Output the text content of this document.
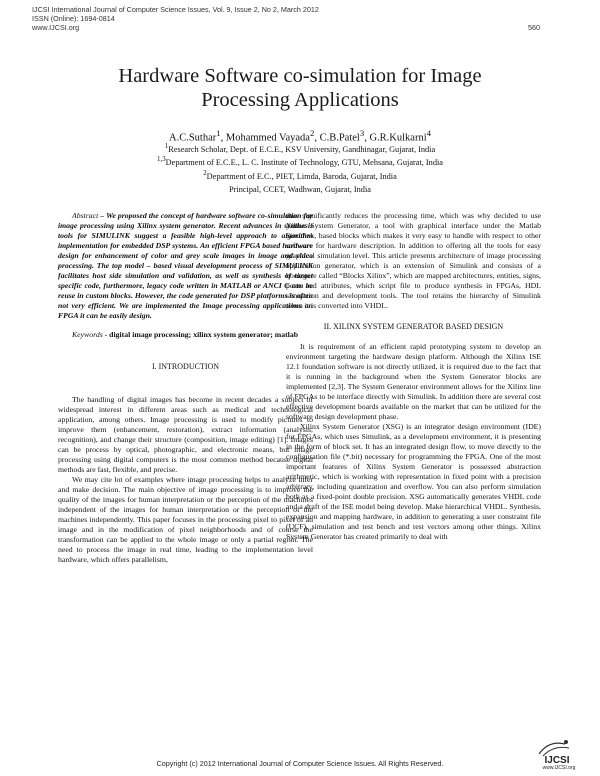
IJCSI International Journal of Computer Science Issues, Vol. 9, Issue 2, No 2, March 2012
ISSN (Online): 1694-0814
www.IJCSI.org	560
Hardware Software co-simulation for Image
Processing Applications
A.C.Suthar$^1$, Mohammed Vayada$^2$, C.B.Patel$^3$, G.R.Kulkarni$^4$
$^1$Research Scholar, Dept. of E.C.E., KSV University, Gandhinagar, Gujarat, India
$^{1,3}$Department of E.C.E., L. C. Institute of Technology, GTU, Mehsana, Gujarat, India
$^2$Department of E.C., PIET, Limda, Baroda, Gujarat, India
Principal, CCET, Wadhwan, Gujarat, India

Abstract – We proposed the concept of hardware software co-simulation for image processing using Xilinx system generator. Recent advances in synthesis tools for SIMULINK suggest a feasible high-level approach to algorithm implementation for embedded DSP systems. An efficient FPGA based hardware design for enhancement of color and grey scale images in image and video processing. The top model – based visual development process of SIMULINK facilitates host side simulation and validation, as well as synthesis of target specific code, furthermore, legacy code written in MATLAB or ANCI C can be reuse in custom blocks. However, the code generated for DSP platforms is often not very efficient. We are implemented the Image processing applications on FPGA it can be easily design.

Keywords - digital image processing; xilinx system generator; matlab

I. INTRODUCTION

The handling of digital images has become in recent decades a subject of widespread interest in different areas such as medical and technological application, among others. Image processing is used to modify pictures to improve them (enhancement, restoration), extract information (analysis, recognition), and change their structure (composition, image editing) [1]. Images can be process by optical, photographic, and electronic means, but image processing using digital computers is the most common method because digital methods are fast, flexible, and precise.

We may cite lot of examples where image processing helps to analyze infer and make decision. The main objective of image processing is to improve the quality of the images for human interpretation or the perception of the machines independent of the images for human interpretation or the perception of the machines independently. This paper focuses in the processing pixel to pixel of an image and in the modification of pixel neighborhoods and of course the transformation can be applied to the whole image or only a partial region. The need to process the image in real time, leading to the implementation level hardware, which offers parallelism,

thus significantly reduces the processing time, which was why decided to use Xilinx System Generator, a tool with graphical interface under the Matlab Simulink, based blocks which makes it very easy to handle with respect to other software for hardware description. In addition to offering all the tools for easy graphical simulation level. This article presents architecture of image processing application generator, which is an extension of Simulink and consists of a bookstore called “Blocks Xilinx”, which are mapped architectures, entities, signs, ports and attributes, which script file to produce synthesis in FPGAs, HDL simulation and development tools. The tool retains the hierarchy of Simulink when it is converted into VHDL.

II. XILINX SYSTEM GENERATOR BASED DESIGN

It is requirement of an efficient rapid prototyping system to develop an environment targeting the hardware design platform. Although the Xilinx ISE 12.1 foundation software is not directly utilized, it is required due to the fact that it is running in the background when the System Generator blocks are implemented [2,3]. The System Generator environment allows for the Xilinx line of FPGAs to be interface directly with Simulink. In addition there are several cost effective development boards available on the market that can be utilized for the software design development phase.

Xilinx System Generator (XSG) is an integrator design environment (IDE) for FPGAs, which uses Simulink, as a development environment, it is presenting in the form of block set. It has an integrated design flow, to move directly to the configuration file (*.bit) necessary for programming the FPGA. One of the most important features of Xilinx System Generator is possessed abstraction arithmetic, which is working with representation in fixed point with a precision arbitrary, including quantization and overflow. You can also perform simulation both as a fixed-point double precision. XSG automatically generates VHDL code and a draft of the ISE model being develop. Make hierarchical VHDL. Synthesis, expansion and mapping hardware, in addition to generating a user constraint file (UCF), simulation and test bench and test vectors among other things. Xilinx System Generator has created primarily to deal with

IJCSI
www.IJCSI.org
Copyright (c) 2012 International Journal of Computer Science Issues. All Rights Reserved.
